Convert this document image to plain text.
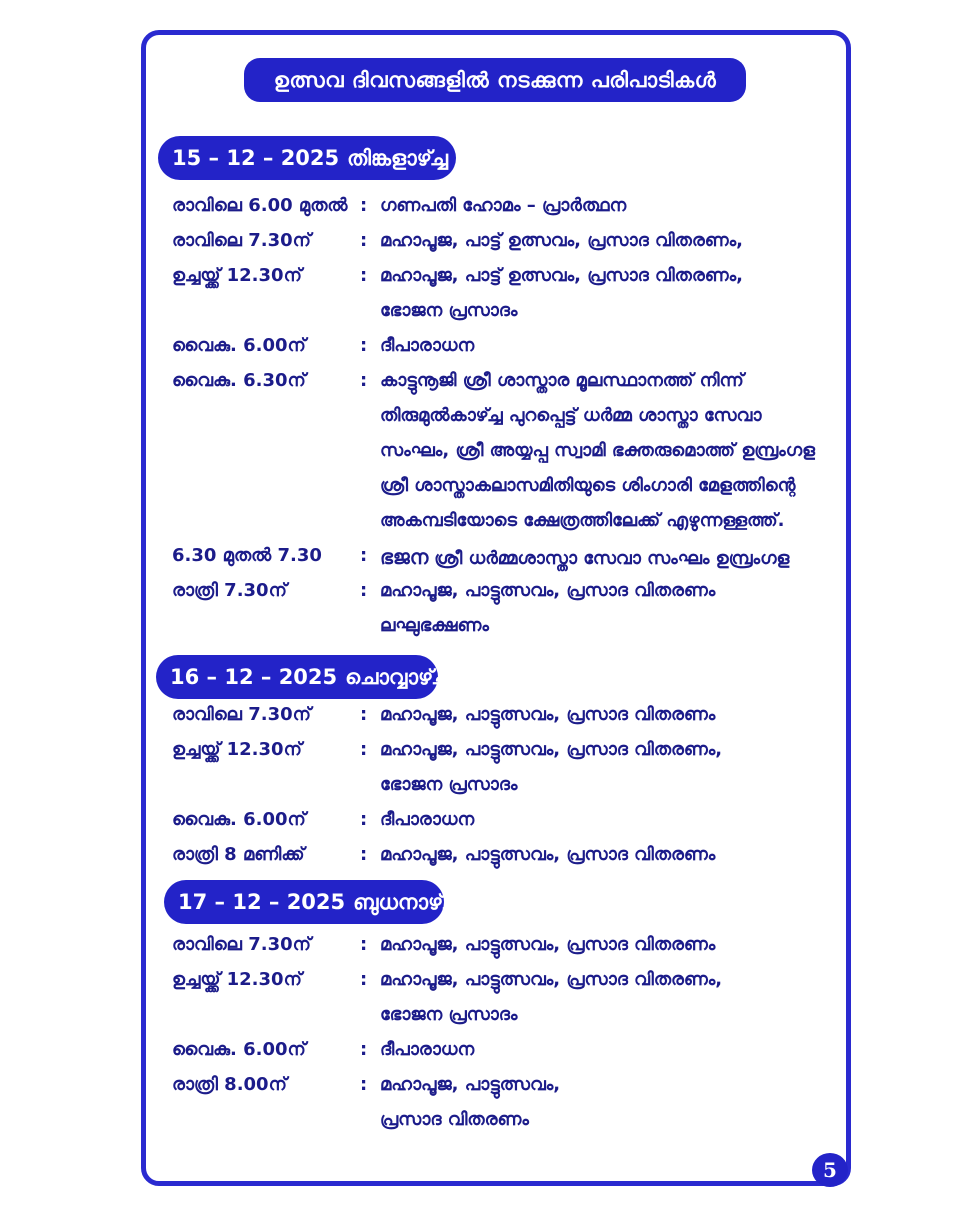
ഉത്സവ ദിവസങ്ങളിൽ നടക്കുന്ന പരിപാടികൾ
15 – 12 – 2025 തിങ്കളാഴ്ച്ച
രാവിലെ 6.00 മുതൽ : ഗണപതി ഹോമം – പ്രാർത്ഥന
രാവിലെ 7.30ന്	: മഹാപൂജ, പാട്ട് ഉത്സവം, പ്രസാദ വിതരണം,
ഉച്ചയ്ക്ക് 12.30ന്	: മഹാപൂജ, പാട്ട് ഉത്സവം, പ്രസാദ വിതരണം,
ഭോജന പ്രസാദം
വൈകു. 6.00ന്	: ദീപാരാധന
വൈകു. 6.30ന്	: കാട്ടുനൂജി ശ്രീ ശാസ്താര മൂലസ്ഥാനത്ത് നിന്ന്
തിരുമുൽകാഴ്ച്ച പുറപ്പെട്ട് ധർമ്മ ശാസ്താ സേവാ
സംഘം, ശ്രീ അയ്യപ്പ സ്വാമി ഭക്തരുമൊത്ത് ഉമ്പ്രംഗള
ശ്രീ ശാസ്താകലാസമിതിയുടെ ശിംഗാരി മേളത്തിന്റെ
അകമ്പടിയോടെ ക്ഷേത്രത്തിലേക്ക് എഴുന്നള്ളത്ത്.
6.30 മുതൽ 7.30 : ഭജന ശ്രീ ധർമ്മശാസ്താ സേവാ സംഘം ഉമ്പ്രംഗള
രാത്രി 7.30ന്	: മഹാപൂജ, പാട്ടുത്സവം, പ്രസാദ വിതരണം
ലഘുഭക്ഷണം
16 – 12 – 2025 ചൊവ്വാഴ്ച്ച
രാവിലെ 7.30ന്	: മഹാപൂജ, പാട്ടുത്സവം, പ്രസാദ വിതരണം
ഉച്ചയ്ക്ക് 12.30ന്	: മഹാപൂജ, പാട്ടുത്സവം, പ്രസാദ വിതരണം,
ഭോജന പ്രസാദം
വൈകു. 6.00ന്	: ദീപാരാധന
രാത്രി 8 മണിക്ക്	: മഹാപൂജ, പാട്ടുത്സവം, പ്രസാദ വിതരണം
17 – 12 – 2025 ബുധനാഴ്ച്ച
രാവിലെ 7.30ന്	: മഹാപൂജ, പാട്ടുത്സവം, പ്രസാദ വിതരണം
ഉച്ചയ്ക്ക് 12.30ന്	: മഹാപൂജ, പാട്ടുത്സവം, പ്രസാദ വിതരണം,
ഭോജന പ്രസാദം
വൈകു. 6.00ന്	: ദീപാരാധന
രാത്രി 8.00ന്	: മഹാപൂജ, പാട്ടുത്സവം,
പ്രസാദ വിതരണം
5
